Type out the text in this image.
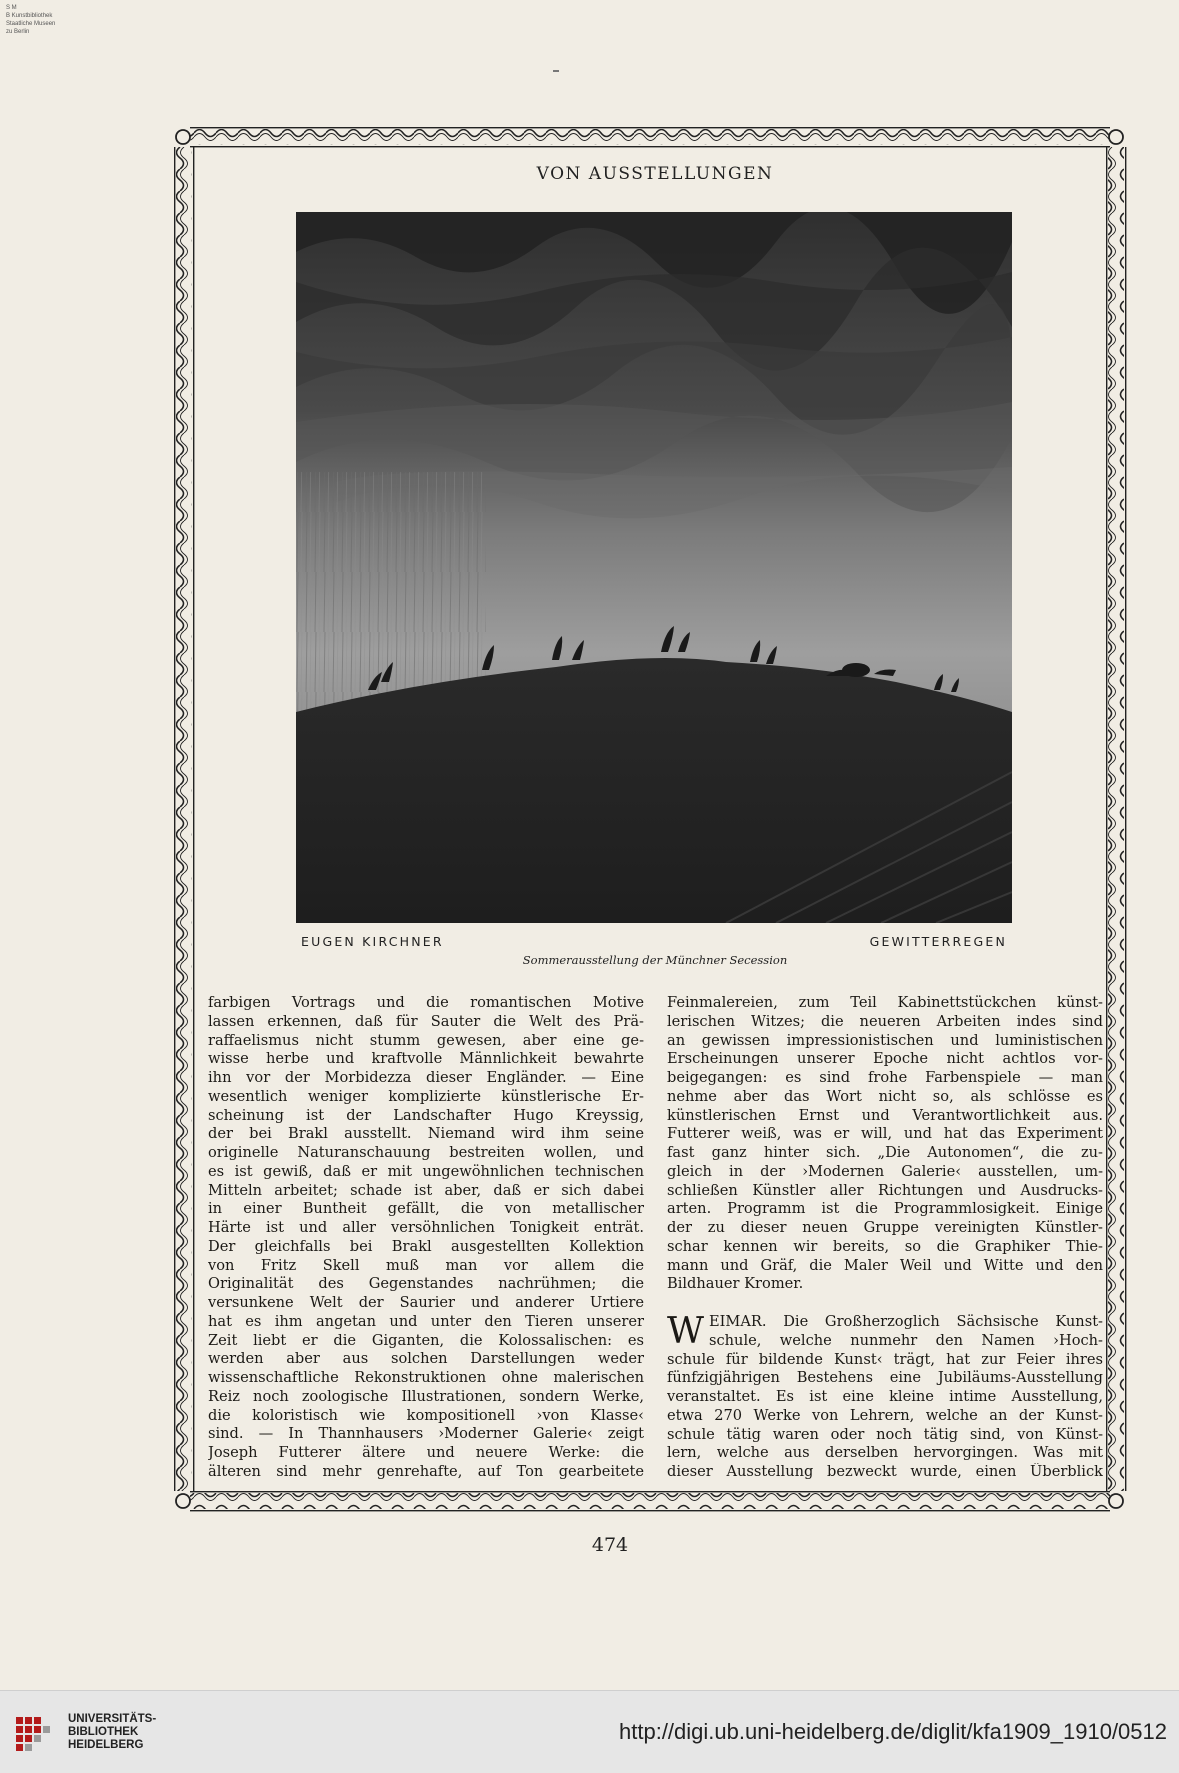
S M
B Kunstbibliothek
Staatliche Museen
zu Berlin
VON AUSSTELLUNGEN
EUGEN KIRCHNER	GEWITTERREGEN
Sommerausstellung der Münchner Secession
farbigen Vortrags und die romantischen Motive
lassen erkennen, daß für Sauter die Welt des Prä-
raffaelismus nicht stumm gewesen, aber eine ge-
wisse herbe und kraftvolle Männlichkeit bewahrte
ihn vor der Morbidezza dieser Engländer. — Eine
wesentlich weniger komplizierte künstlerische Er-
scheinung ist der Landschafter Hugo Kreyssig,
der bei Brakl ausstellt. Niemand wird ihm seine
originelle Naturanschauung bestreiten wollen, und
es ist gewiß, daß er mit ungewöhnlichen technischen
Mitteln arbeitet; schade ist aber, daß er sich dabei
in einer Buntheit gefällt, die von metallischer
Härte ist und aller versöhnlichen Tonigkeit enträt.
Der gleichfalls bei Brakl ausgestellten Kollektion
von Fritz Skell muß man vor allem die
Originalität des Gegenstandes nachrühmen; die
versunkene Welt der Saurier und anderer Urtiere
hat es ihm angetan und unter den Tieren unserer
Zeit liebt er die Giganten, die Kolossalischen: es
werden aber aus solchen Darstellungen weder
wissenschaftliche Rekonstruktionen ohne malerischen
Reiz noch zoologische Illustrationen, sondern Werke,
die koloristisch wie kompositionell ›von Klasse‹
sind. — In Thannhausers ›Moderner Galerie‹ zeigt
Joseph Futterer ältere und neuere Werke: die
älteren sind mehr genrehafte, auf Ton gearbeitete
Feinmalereien, zum Teil Kabinettstückchen künst-
lerischen Witzes; die neueren Arbeiten indes sind
an gewissen impressionistischen und luministischen
Erscheinungen unserer Epoche nicht achtlos vor-
beigegangen: es sind frohe Farbenspiele — man
nehme aber das Wort nicht so, als schlösse es
künstlerischen Ernst und Verantwortlichkeit aus.
Futterer weiß, was er will, und hat das Experiment
fast ganz hinter sich. „Die Autonomen“, die zu-
gleich in der ›Modernen Galerie‹ ausstellen, um-
schließen Künstler aller Richtungen und Ausdrucks-
arten. Programm ist die Programmlosigkeit. Einige
der zu dieser neuen Gruppe vereinigten Künstler-
schar kennen wir bereits, so die Graphiker Thie-
mann und Gräf, die Maler Weil und Witte und den
Bildhauer Kromer.
W EIMAR. Die Großherzoglich Sächsische Kunst-
schule, welche nunmehr den Namen ›Hoch-
schule für bildende Kunst‹ trägt, hat zur Feier ihres
fünfzigjährigen Bestehens eine Jubiläums-Ausstellung
veranstaltet. Es ist eine kleine intime Ausstellung,
etwa 270 Werke von Lehrern, welche an der Kunst-
schule tätig waren oder noch tätig sind, von Künst-
lern, welche aus derselben hervorgingen. Was mit
dieser Ausstellung bezweckt wurde, einen Überblick
474
UNIVERSITÄTS-
BIBLIOTHEK
HEIDELBERG
http://digi.ub.uni-heidelberg.de/diglit/kfa1909_1910/0512
